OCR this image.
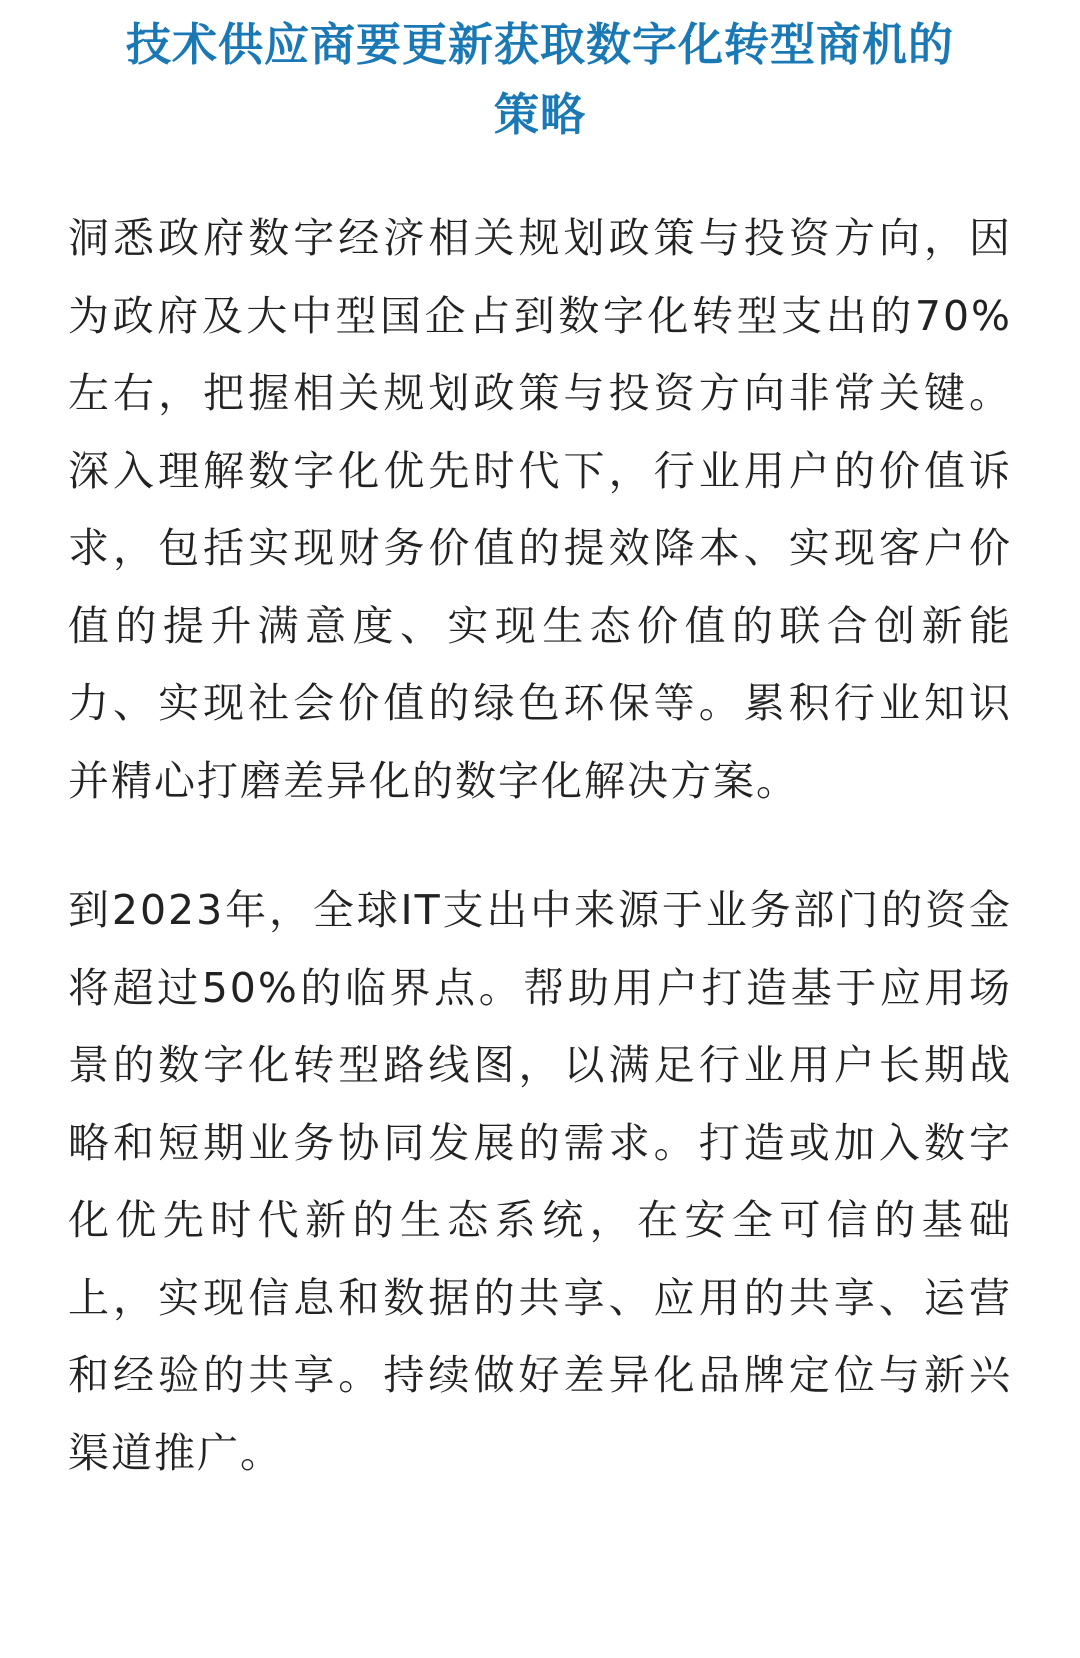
技术供应商要更新获取数字化转型商机的
策略

洞悉政府数字经济相关规划政策与投资方向，因为政府及大中型国企占到数字化转型支出的70%左右，把握相关规划政策与投资方向非常关键。深入理解数字化优先时代下，行业用户的价值诉求，包括实现财务价值的提效降本、实现客户价值的提升满意度、实现生态价值的联合创新能力、实现社会价值的绿色环保等。累积行业知识并精心打磨差异化的数字化解决方案。

到2023年，全球IT支出中来源于业务部门的资金将超过50%的临界点。帮助用户打造基于应用场景的数字化转型路线图，以满足行业用户长期战略和短期业务协同发展的需求。打造或加入数字化优先时代新的生态系统，在安全可信的基础上，实现信息和数据的共享、应用的共享、运营和经验的共享。持续做好差异化品牌定位与新兴渠道推广。
